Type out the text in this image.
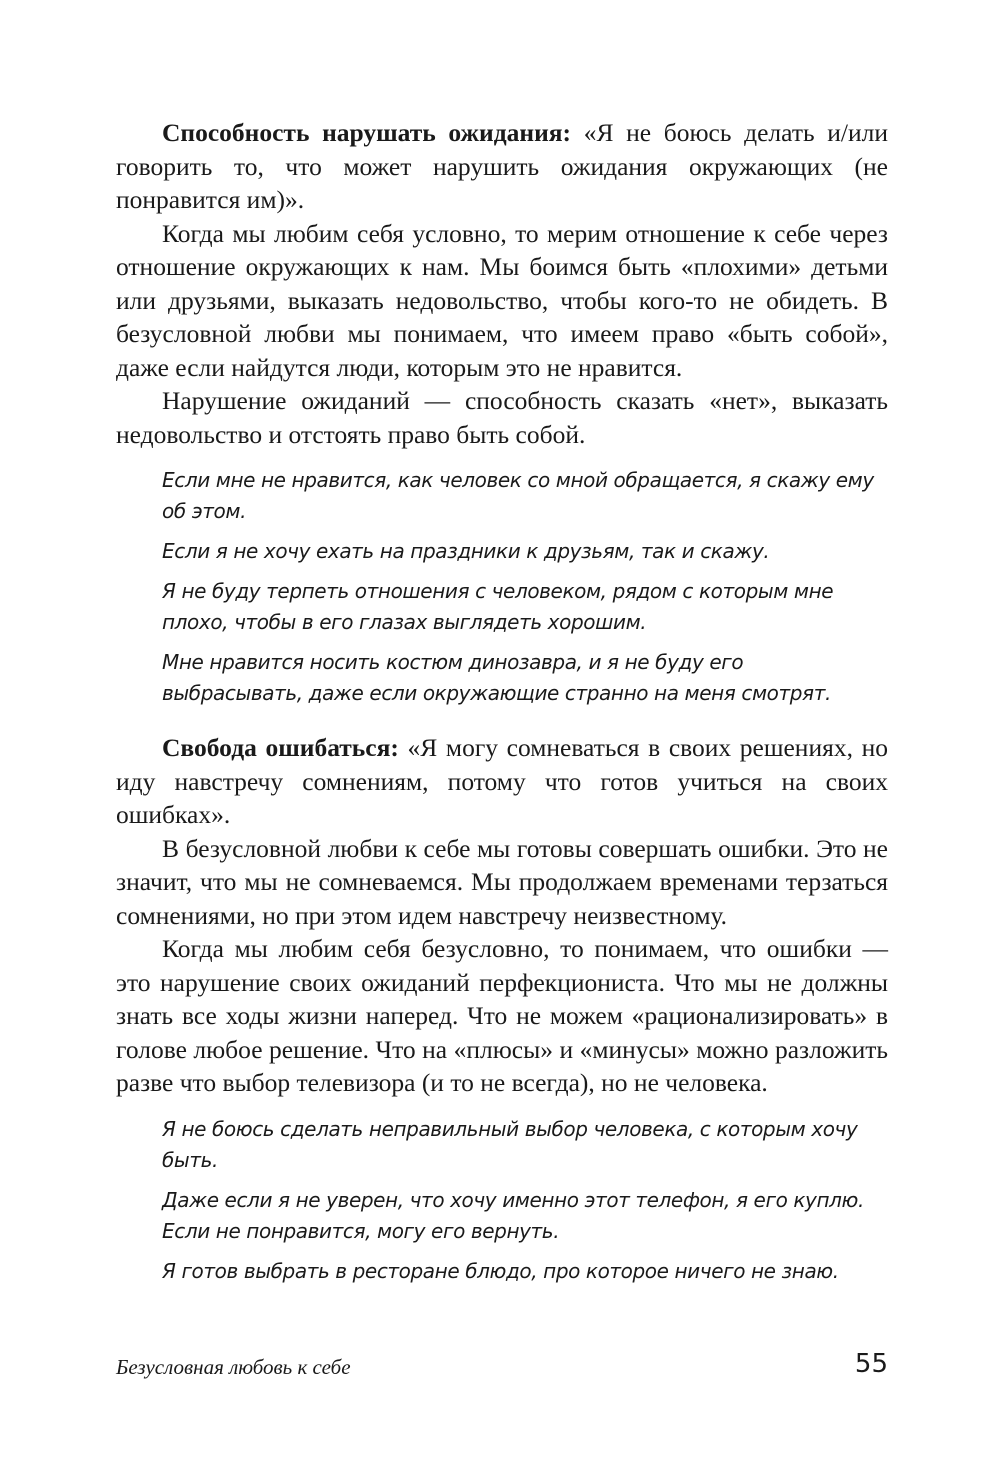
Способность нарушать ожидания: «Я не боюсь делать и/или говорить то, что может нарушить ожидания окружающих (не понравится им)».

Когда мы любим себя условно, то мерим отношение к себе через отношение окружающих к нам. Мы боимся быть «плохими» детьми или друзьями, выказать недовольство, чтобы кого-то не обидеть. В безусловной любви мы понимаем, что имеем право «быть собой», даже если найдутся люди, которым это не нравится.

Нарушение ожиданий — способность сказать «нет», выказать недовольство и отстоять право быть собой.

Если мне не нравится, как человек со мной обращается, я скажу ему об этом.

Если я не хочу ехать на праздники к друзьям, так и скажу.

Я не буду терпеть отношения с человеком, рядом с которым мне плохо, чтобы в его глазах выглядеть хорошим.

Мне нравится носить костюм динозавра, и я не буду его выбрасывать, даже если окружающие странно на меня смотрят.

Свобода ошибаться: «Я могу сомневаться в своих решениях, но иду навстречу сомнениям, потому что готов учиться на своих ошибках».

В безусловной любви к себе мы готовы совершать ошибки. Это не значит, что мы не сомневаемся. Мы продолжаем временами терзаться сомнениями, но при этом идем навстречу неизвестному.

Когда мы любим себя безусловно, то понимаем, что ошибки — это нарушение своих ожиданий перфекциониста. Что мы не должны знать все ходы жизни наперед. Что не можем «рационализировать» в голове любое решение. Что на «плюсы» и «минусы» можно разложить разве что выбор телевизора (и то не всегда), но не человека.

Я не боюсь сделать неправильный выбор человека, с которым хочу быть.

Даже если я не уверен, что хочу именно этот телефон, я его куплю. Если не понравится, могу его вернуть.

Я готов выбрать в ресторане блюдо, про которое ничего не знаю.

Безусловная любовь к себе	55
